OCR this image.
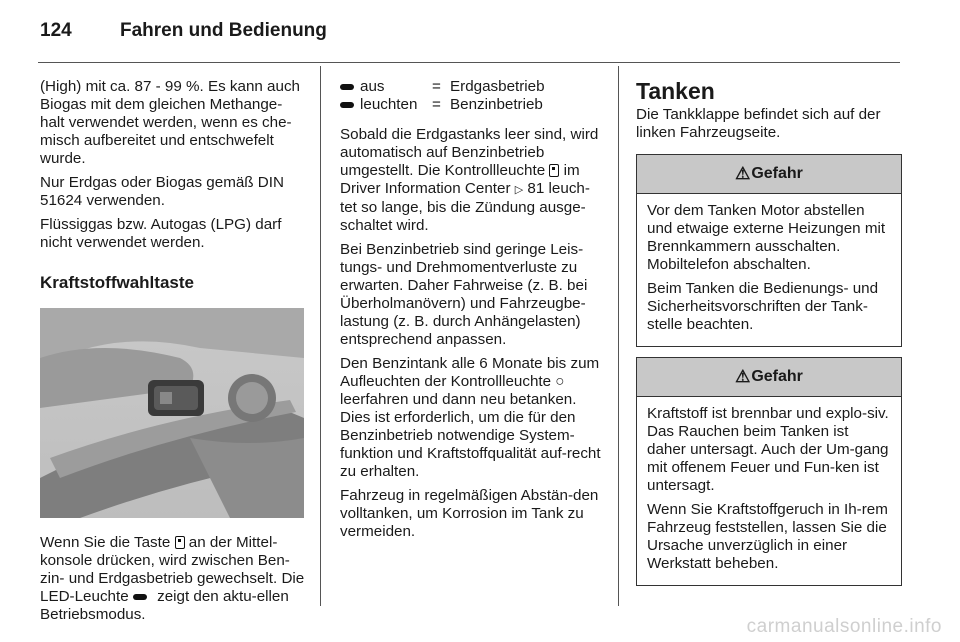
124	Fahren und Bedienung

(High) mit ca. 87 - 99 %. Es kann auch Biogas mit dem gleichen Methange-halt verwendet werden, wenn es che-misch aufbereitet und entschwefelt wurde.

Nur Erdgas oder Biogas gemäß DIN 51624 verwenden.

Flüssiggas bzw. Autogas (LPG) darf nicht verwendet werden.

Kraftstoffwahltaste

Wenn Sie die Taste  an der Mittel-konsole drücken, wird zwischen Ben-zin- und Erdgasbetrieb gewechselt. Die LED-Leuchte  zeigt den aktu-ellen Betriebsmodus.

aus	= Erdgasbetrieb
leuchten = Benzinbetrieb

Sobald die Erdgastanks leer sind, wird automatisch auf Benzinbetrieb umgestellt. Die Kontrollleuchte  im Driver Information Center ▷ 81 leuch-tet so lange, bis die Zündung ausge-schaltet wird.

Bei Benzinbetrieb sind geringe Leis-tungs- und Drehmomentverluste zu erwarten. Daher Fahrweise (z. B. bei Überholmanövern) und Fahrzeugbe-lastung (z. B. durch Anhängelasten) entsprechend anpassen.

Den Benzintank alle 6 Monate bis zum Aufleuchten der Kontrollleuchte ○ leerfahren und dann neu betanken. Dies ist erforderlich, um die für den Benzinbetrieb notwendige System-funktion und Kraftstoffqualität auf-recht zu erhalten.

Fahrzeug in regelmäßigen Abstän-den volltanken, um Korrosion im Tank zu vermeiden.

Tanken

Die Tankklappe befindet sich auf der linken Fahrzeugseite.

⚠ Gefahr

Vor dem Tanken Motor abstellen und etwaige externe Heizungen mit Brennkammern ausschalten. Mobiltelefon abschalten.

Beim Tanken die Bedienungs- und Sicherheitsvorschriften der Tank-stelle beachten.

⚠ Gefahr

Kraftstoff ist brennbar und explo-siv. Das Rauchen beim Tanken ist daher untersagt. Auch der Um-gang mit offenem Feuer und Fun-ken ist untersagt.

Wenn Sie Kraftstoffgeruch in Ih-rem Fahrzeug feststellen, lassen Sie die Ursache unverzüglich in einer Werkstatt beheben.

carmanualsonline.info
